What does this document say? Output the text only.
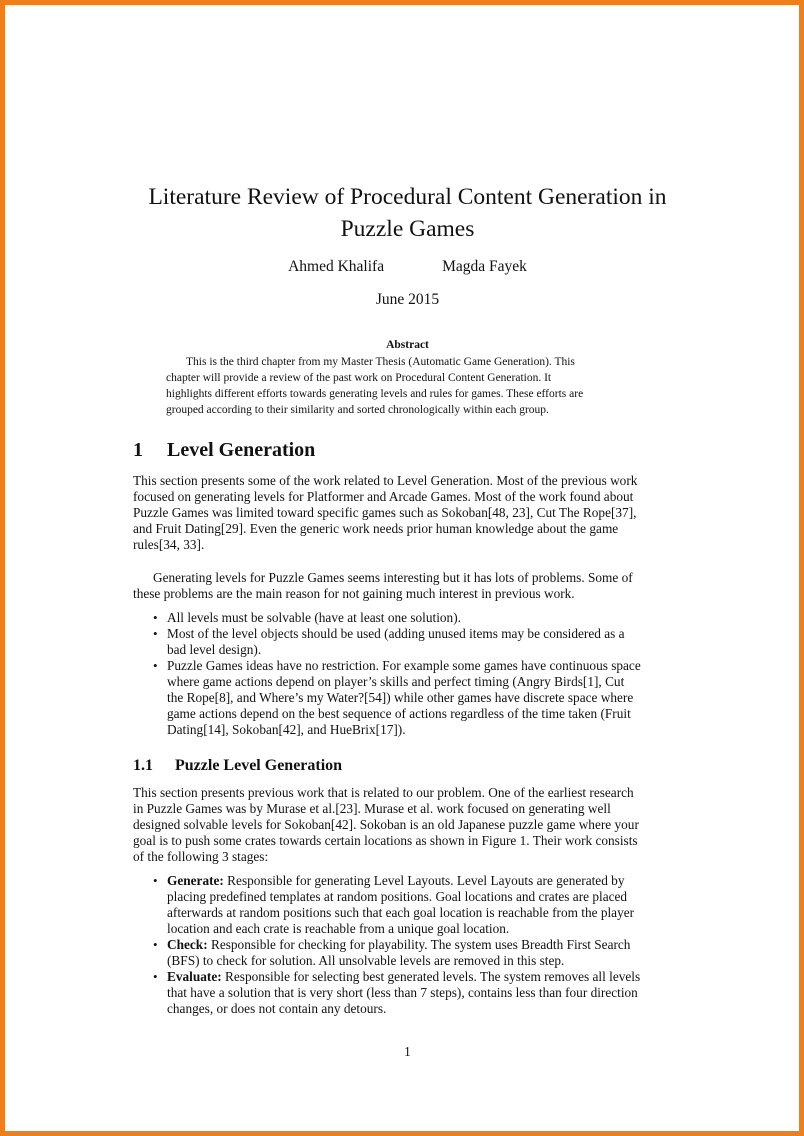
Literature Review of Procedural Content Generation in
Puzzle Games
Ahmed Khalifa	Magda Fayek
June 2015
Abstract
This is the third chapter from my Master Thesis (Automatic Game Generation). This
chapter will provide a review of the past work on Procedural Content Generation. It
highlights different efforts towards generating levels and rules for games. These efforts are
grouped according to their similarity and sorted chronologically within each group.
1 Level Generation
This section presents some of the work related to Level Generation. Most of the previous work
focused on generating levels for Platformer and Arcade Games. Most of the work found about
Puzzle Games was limited toward specific games such as Sokoban[48, 23], Cut The Rope[37],
and Fruit Dating[29]. Even the generic work needs prior human knowledge about the game
rules[34, 33].
Generating levels for Puzzle Games seems interesting but it has lots of problems. Some of
these problems are the main reason for not gaining much interest in previous work.
• All levels must be solvable (have at least one solution).
• Most of the level objects should be used (adding unused items may be considered as a
bad level design).
• Puzzle Games ideas have no restriction. For example some games have continuous space
where game actions depend on player’s skills and perfect timing (Angry Birds[1], Cut
the Rope[8], and Where’s my Water?[54]) while other games have discrete space where
game actions depend on the best sequence of actions regardless of the time taken (Fruit
Dating[14], Sokoban[42], and HueBrix[17]).
1.1 Puzzle Level Generation
This section presents previous work that is related to our problem. One of the earliest research
in Puzzle Games was by Murase et al.[23]. Murase et al. work focused on generating well
designed solvable levels for Sokoban[42]. Sokoban is an old Japanese puzzle game where your
goal is to push some crates towards certain locations as shown in Figure 1. Their work consists
of the following 3 stages:
• Generate: Responsible for generating Level Layouts. Level Layouts are generated by
placing predefined templates at random positions. Goal locations and crates are placed
afterwards at random positions such that each goal location is reachable from the player
location and each crate is reachable from a unique goal location.
• Check: Responsible for checking for playability. The system uses Breadth First Search
(BFS) to check for solution. All unsolvable levels are removed in this step.
• Evaluate: Responsible for selecting best generated levels. The system removes all levels
that have a solution that is very short (less than 7 steps), contains less than four direction
changes, or does not contain any detours.
1
